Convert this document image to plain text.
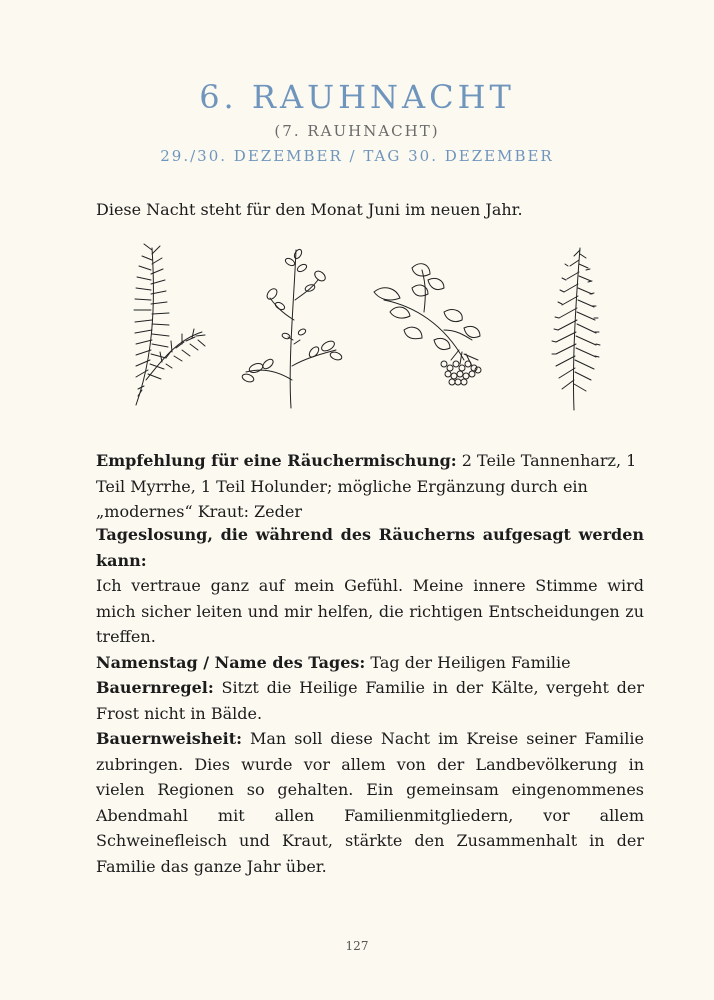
6. RAUHNACHT
(7. RAUHNACHT)
29./30. DEZEMBER / TAG 30. DEZEMBER
Diese Nacht steht für den Monat Juni im neuen Jahr.
Empfehlung für eine Räuchermischung: 2 Teile Tannenharz, 1 Teil Myrrhe, 1 Teil Holunder; mögliche Ergänzung durch ein „modernes“ Kraut: Zeder

Tageslosung, die während des Räucherns aufgesagt werden kann:

Ich vertraue ganz auf mein Gefühl. Meine innere Stimme wird mich sicher leiten und mir helfen, die richtigen Entscheidungen zu treffen.

Namenstag / Name des Tages: Tag der Heiligen Familie

Bauernregel: Sitzt die Heilige Familie in der Kälte, vergeht der Frost nicht in Bälde.

Bauernweisheit: Man soll diese Nacht im Kreise seiner Familie zubringen. Dies wurde vor allem von der Landbevölkerung in vielen Regionen so gehalten. Ein gemeinsam eingenommenes Abendmahl mit allen Familienmitgliedern, vor allem Schweinefleisch und Kraut, stärkte den Zusammenhalt in der Familie das ganze Jahr über.

127
